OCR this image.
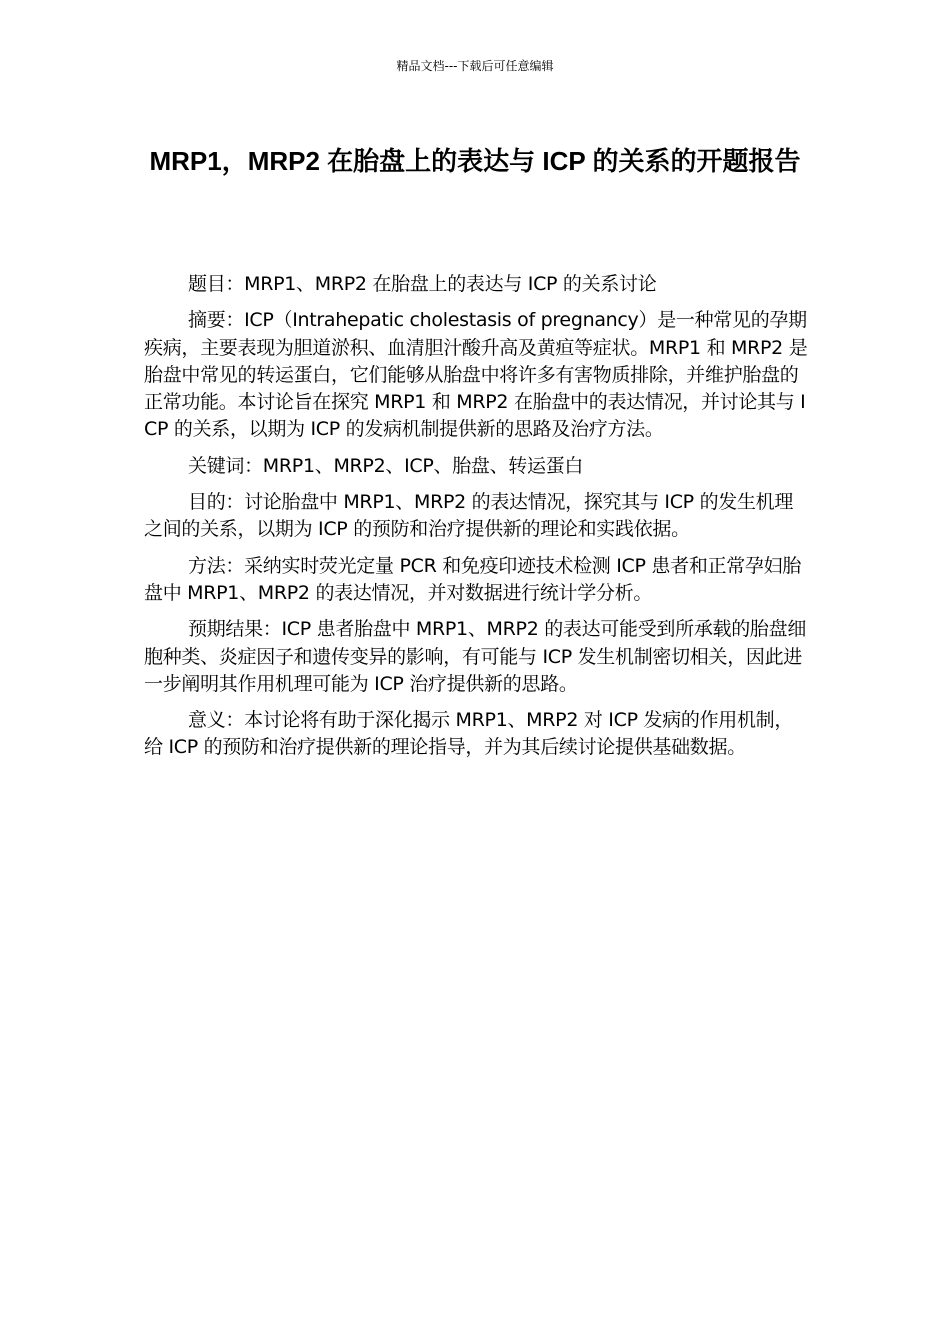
精品文档---下载后可任意编辑
MRP1，MRP2 在胎盘上的表达与 ICP 的关系的开题报告

题目：MRP1、MRP2 在胎盘上的表达与 ICP 的关系讨论

摘要：ICP（Intrahepatic cholestasis of pregnancy）是一种常见的孕期疾病，主要表现为胆道淤积、血清胆汁酸升高及黄疸等症状。MRP1 和 MRP2 是胎盘中常见的转运蛋白，它们能够从胎盘中将许多有害物质排除，并维护胎盘的正常功能。本讨论旨在探究 MRP1 和 MRP2 在胎盘中的表达情况，并讨论其与 ICP 的关系，以期为 ICP 的发病机制提供新的思路及治疗方法。

关键词：MRP1、MRP2、ICP、胎盘、转运蛋白

目的：讨论胎盘中 MRP1、MRP2 的表达情况，探究其与 ICP 的发生机理之间的关系，以期为 ICP 的预防和治疗提供新的理论和实践依据。

方法：采纳实时荧光定量 PCR 和免疫印迹技术检测 ICP 患者和正常孕妇胎盘中 MRP1、MRP2 的表达情况，并对数据进行统计学分析。

预期结果：ICP 患者胎盘中 MRP1、MRP2 的表达可能受到所承载的胎盘细胞种类、炎症因子和遗传变异的影响，有可能与 ICP 发生机制密切相关，因此进一步阐明其作用机理可能为 ICP 治疗提供新的思路。

意义：本讨论将有助于深化揭示 MRP1、MRP2 对 ICP 发病的作用机制，给 ICP 的预防和治疗提供新的理论指导，并为其后续讨论提供基础数据。
